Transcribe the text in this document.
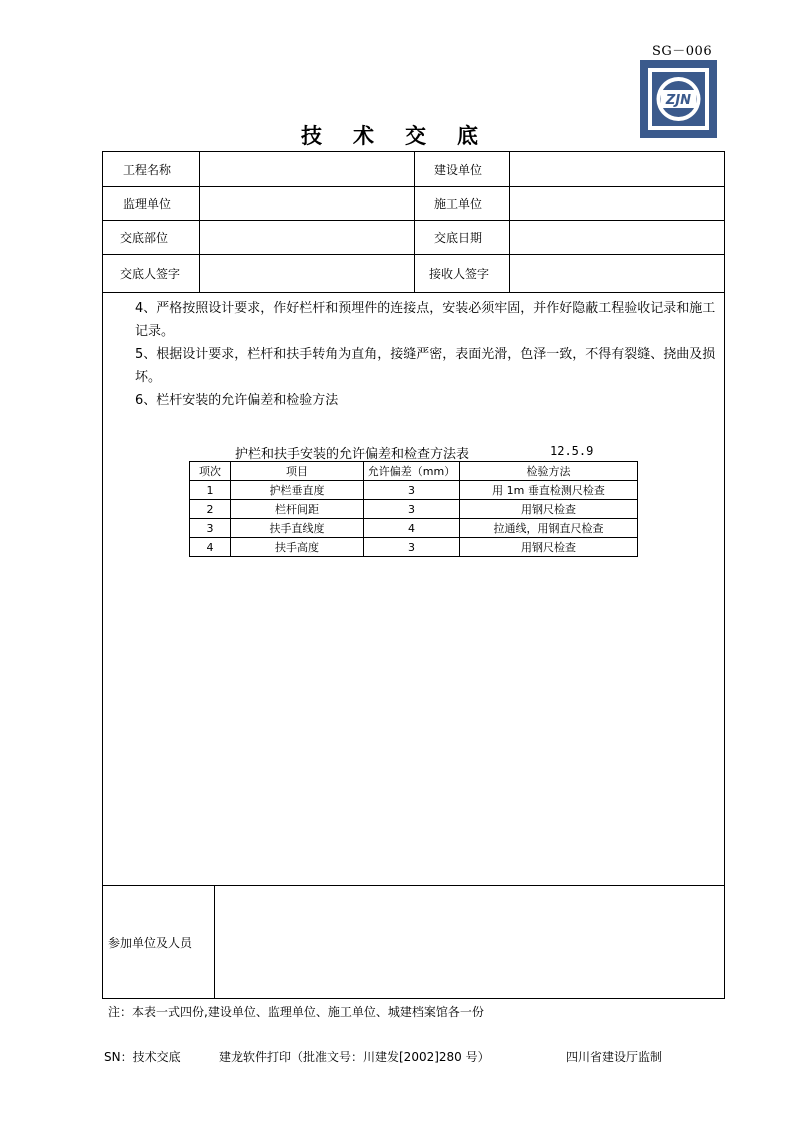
SG－006
ZJN
技术交底
工程名称	建设单位
监理单位	施工单位
交底部位	交底日期
交底人签字	接收人签字
参加单位及人员

4、严格按照设计要求，作好栏杆和预埋件的连接点，安装必须牢固，并作好隐蔽工程验收记录和施工记录。

5、根据设计要求，栏杆和扶手转角为直角，接缝严密，表面光滑，色泽一致，不得有裂缝、挠曲及损坏。

6、栏杆安装的允许偏差和检验方法

护栏和扶手安装的允许偏差和检查方法表	12.5.9
项次	项目	允许偏差（mm）	检验方法
1	护栏垂直度	3	用 1m 垂直检测尺检查
2	栏杆间距	3	用钢尺检查
3	扶手直线度	4	拉通线，用钢直尺检查
4	扶手高度	3	用钢尺检查
注：本表一式四份,建设单位、监理单位、施工单位、城建档案馆各一份
SN：技术交底	建龙软件打印（批准文号：川建发[2002]280 号）	四川省建设厅监制
